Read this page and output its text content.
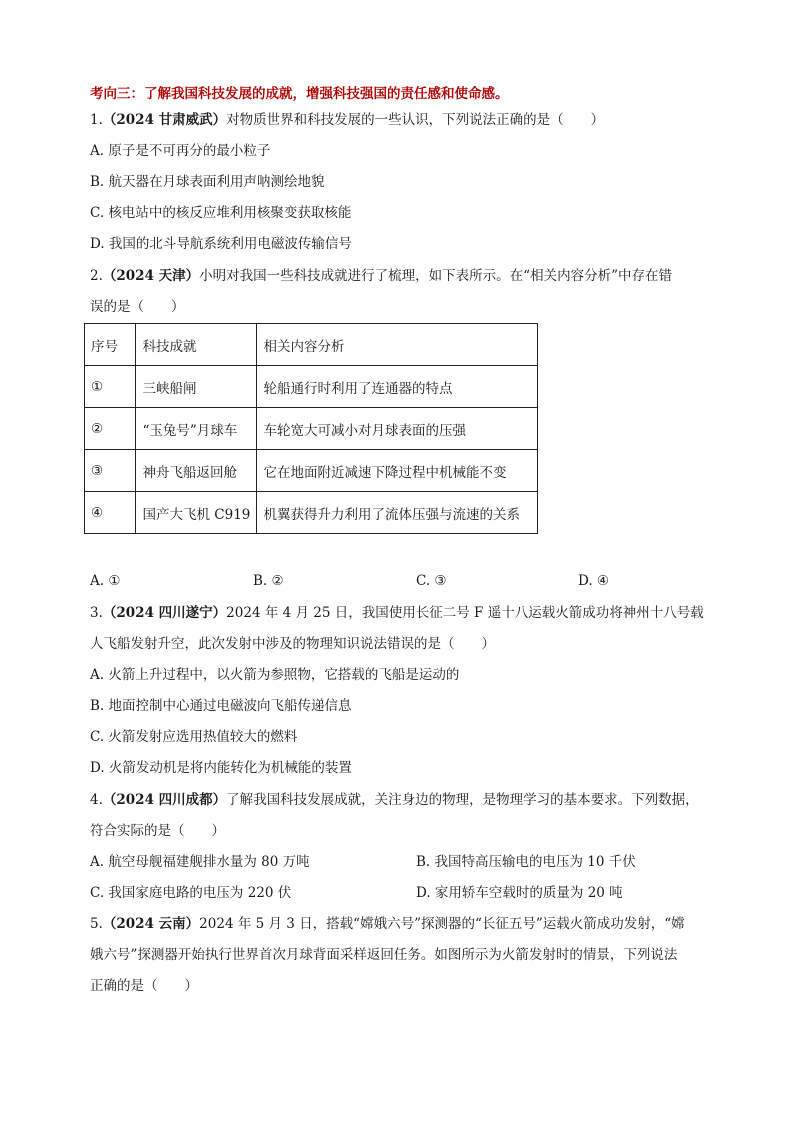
考向三：了解我国科技发展的成就，增强科技强国的责任感和使命感。
1.（2024 甘肃威武）对物质世界和科技发展的一些认识，下列说法正确的是（　　）
A. 原子是不可再分的最小粒子
B. 航天器在月球表面利用声呐测绘地貌
C. 核电站中的核反应堆利用核聚变获取核能
D. 我国的北斗导航系统利用电磁波传输信号
2.（2024 天津）小明对我国一些科技成就进行了梳理，如下表所示。在“相关内容分析”中存在错
误的是（　　）
序号	科技成就	相关内容分析
①	三峡船闸	轮船通行时利用了连通器的特点
②	“玉兔号”月球车	车轮宽大可减小对月球表面的压强
③	神舟飞船返回舱	它在地面附近减速下降过程中机械能不变
④	国产大飞机 C919	机翼获得升力利用了流体压强与流速的关系
A. ①	B. ②	C. ③	D. ④
3.（2024 四川遂宁）2024 年 4 月 25 日，我国使用长征二号 F 遥十八运载火箭成功将神州十八号载
人飞船发射升空，此次发射中涉及的物理知识说法错误的是（　　）
A. 火箭上升过程中，以火箭为参照物，它搭载的飞船是运动的
B. 地面控制中心通过电磁波向飞船传递信息
C. 火箭发射应选用热值较大的燃料
D. 火箭发动机是将内能转化为机械能的装置
4.（2024 四川成都）了解我国科技发展成就，关注身边的物理，是物理学习的基本要求。下列数据，
符合实际的是（　　）
A. 航空母舰福建舰排水量为 80 万吨	B. 我国特高压输电的电压为 10 千伏
C. 我国家庭电路的电压为 220 伏	D. 家用轿车空载时的质量为 20 吨
5.（2024 云南）2024 年 5 月 3 日，搭载“嫦娥六号”探测器的“长征五号”运载火箭成功发射，“嫦
娥六号”探测器开始执行世界首次月球背面采样返回任务。如图所示为火箭发射时的情景，下列说法
正确的是（　　）
